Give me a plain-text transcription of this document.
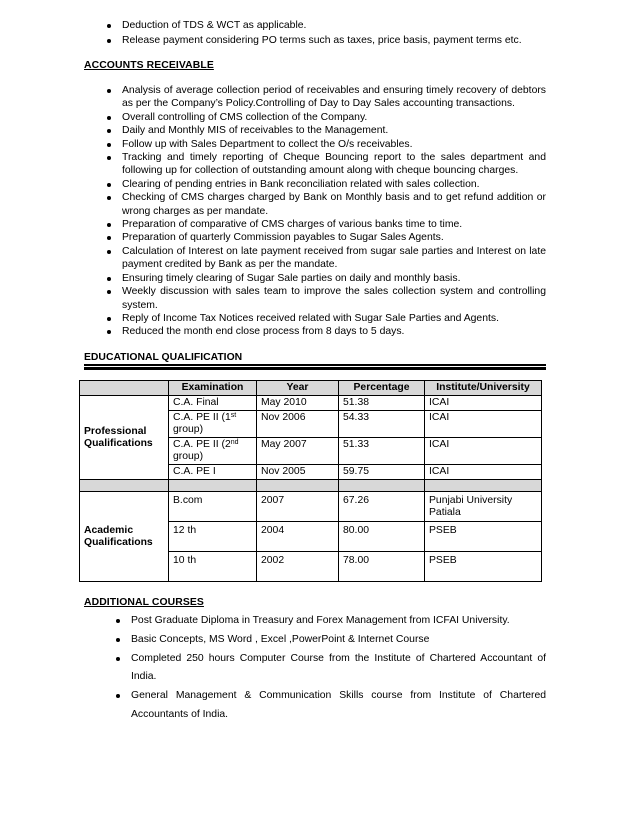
Deduction of TDS & WCT as applicable.
Release payment considering PO terms such as taxes, price basis, payment terms etc.
ACCOUNTS RECEIVABLE
Analysis of average collection period of receivables and ensuring timely recovery of debtors as per the Company’s Policy.Controlling of Day to Day Sales accounting transactions.
Overall controlling of CMS collection of the Company.
Daily and Monthly MIS of receivables to the Management.
Follow up with Sales Department to collect the O/s receivables.
Tracking and timely reporting of Cheque Bouncing report to the sales department and following up for collection of outstanding amount along with cheque bouncing charges.
Clearing of pending entries in Bank reconciliation related with sales collection.
Checking of CMS charges charged by Bank on Monthly basis and to get refund addition or wrong charges as per mandate.
Preparation of comparative of CMS charges of various banks time to time.
Preparation of quarterly Commission payables to Sugar Sales Agents.
Calculation of Interest on late payment received from sugar sale parties and Interest on late payment credited by Bank as per the mandate.
Ensuring timely clearing of Sugar Sale parties on daily and monthly basis.
Weekly discussion with sales team to improve the sales collection system and controlling system.
Reply of Income Tax Notices received related with Sugar Sale Parties and Agents.
Reduced the month end close process from 8 days to 5 days.
EDUCATIONAL QUALIFICATION
	Examination	Year	Percentage	Institute/University
Professional Qualifications	C.A. Final	May 2010	51.38	ICAI
	C.A. PE II (1st group)	Nov 2006	54.33	ICAI
	C.A. PE II (2nd group)	May 2007	51.33	ICAI
	C.A. PE I	Nov 2005	59.75	ICAI

Academic Qualifications	B.com	2007	67.26	Punjabi University Patiala
	12 th	2004	80.00	PSEB
	10 th	2002	78.00	PSEB
ADDITIONAL COURSES
Post Graduate Diploma in Treasury and Forex Management from ICFAI University.
Basic Concepts, MS Word , Excel ,PowerPoint & Internet Course
Completed 250 hours Computer Course from the Institute of Chartered Accountant of India.
General Management & Communication Skills course from Institute of Chartered Accountants of India.
